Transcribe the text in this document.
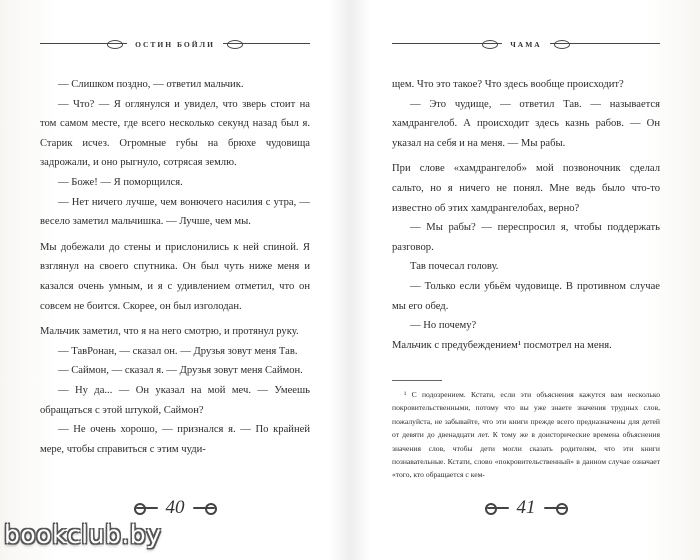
ОСТИН БОЙЛИ

— Слишком поздно, — ответил мальчик.

— Что? — Я оглянулся и увидел, что зверь стоит на том самом месте, где всего несколько секунд назад был я. Старик исчез. Огромные губы на брюхе чудовища задрожали, и оно рыгнуло, сотрясая землю.

— Боже! — Я поморщился.

— Нет ничего лучше, чем вонючего насилия с утра, — весело заметил мальчишка. — Лучше, чем мы.

Мы добежали до стены и прислонились к ней спиной. Я взглянул на своего спутника. Он был чуть ниже меня и казался очень умным, и я с удивлением отметил, что он совсем не боится. Скорее, он был изголодан.

Мальчик заметил, что я на него смотрю, и протянул руку.

— ТавРонан, — сказал он. — Друзья зовут меня Тав.

— Саймон, — сказал я. — Друзья зовут меня Саймон.

— Ну да... — Он указал на мой меч. — Умеешь обращаться с этой штукой, Саймон?

— Не очень хорошо, — признался я. — По крайней мере, чтобы справиться с этим чуди-

40
ЧАМА

щем. Что это такое? Что здесь вообще происходит?

— Это чудище, — ответил Тав. — называется хамдрангелоб. А происходит здесь казнь рабов. — Он указал на себя и на меня. — Мы рабы.

При слове «хамдрангелоб» мой позвоночник сделал сальто, но я ничего не понял. Мне ведь было что-то известно об этих хамдрангелобах, верно?

— Мы рабы? — переспросил я, чтобы поддержать разговор.

Тав почесал голову.

— Только если убьём чудовище. В противном случае мы его обед.

— Но почему?

Мальчик с предубеждением¹ посмотрел на меня.

¹ С подозрением. Кстати, если эти объяснения кажутся вам несколько покровительственными, потому что вы уже знаете значения трудных слов, пожалуйста, не забывайте, что эти книги прежде всего предназначены для детей от девяти до двенадцати лет. К тому же в доисторические времена объяснения значения слов, чтобы дети могли сказать родителям, что эти книги познавательные. Кстати, слово «покровительственный» в данном случае означает «того, кто обращается с кем-

41
bookclub.by
